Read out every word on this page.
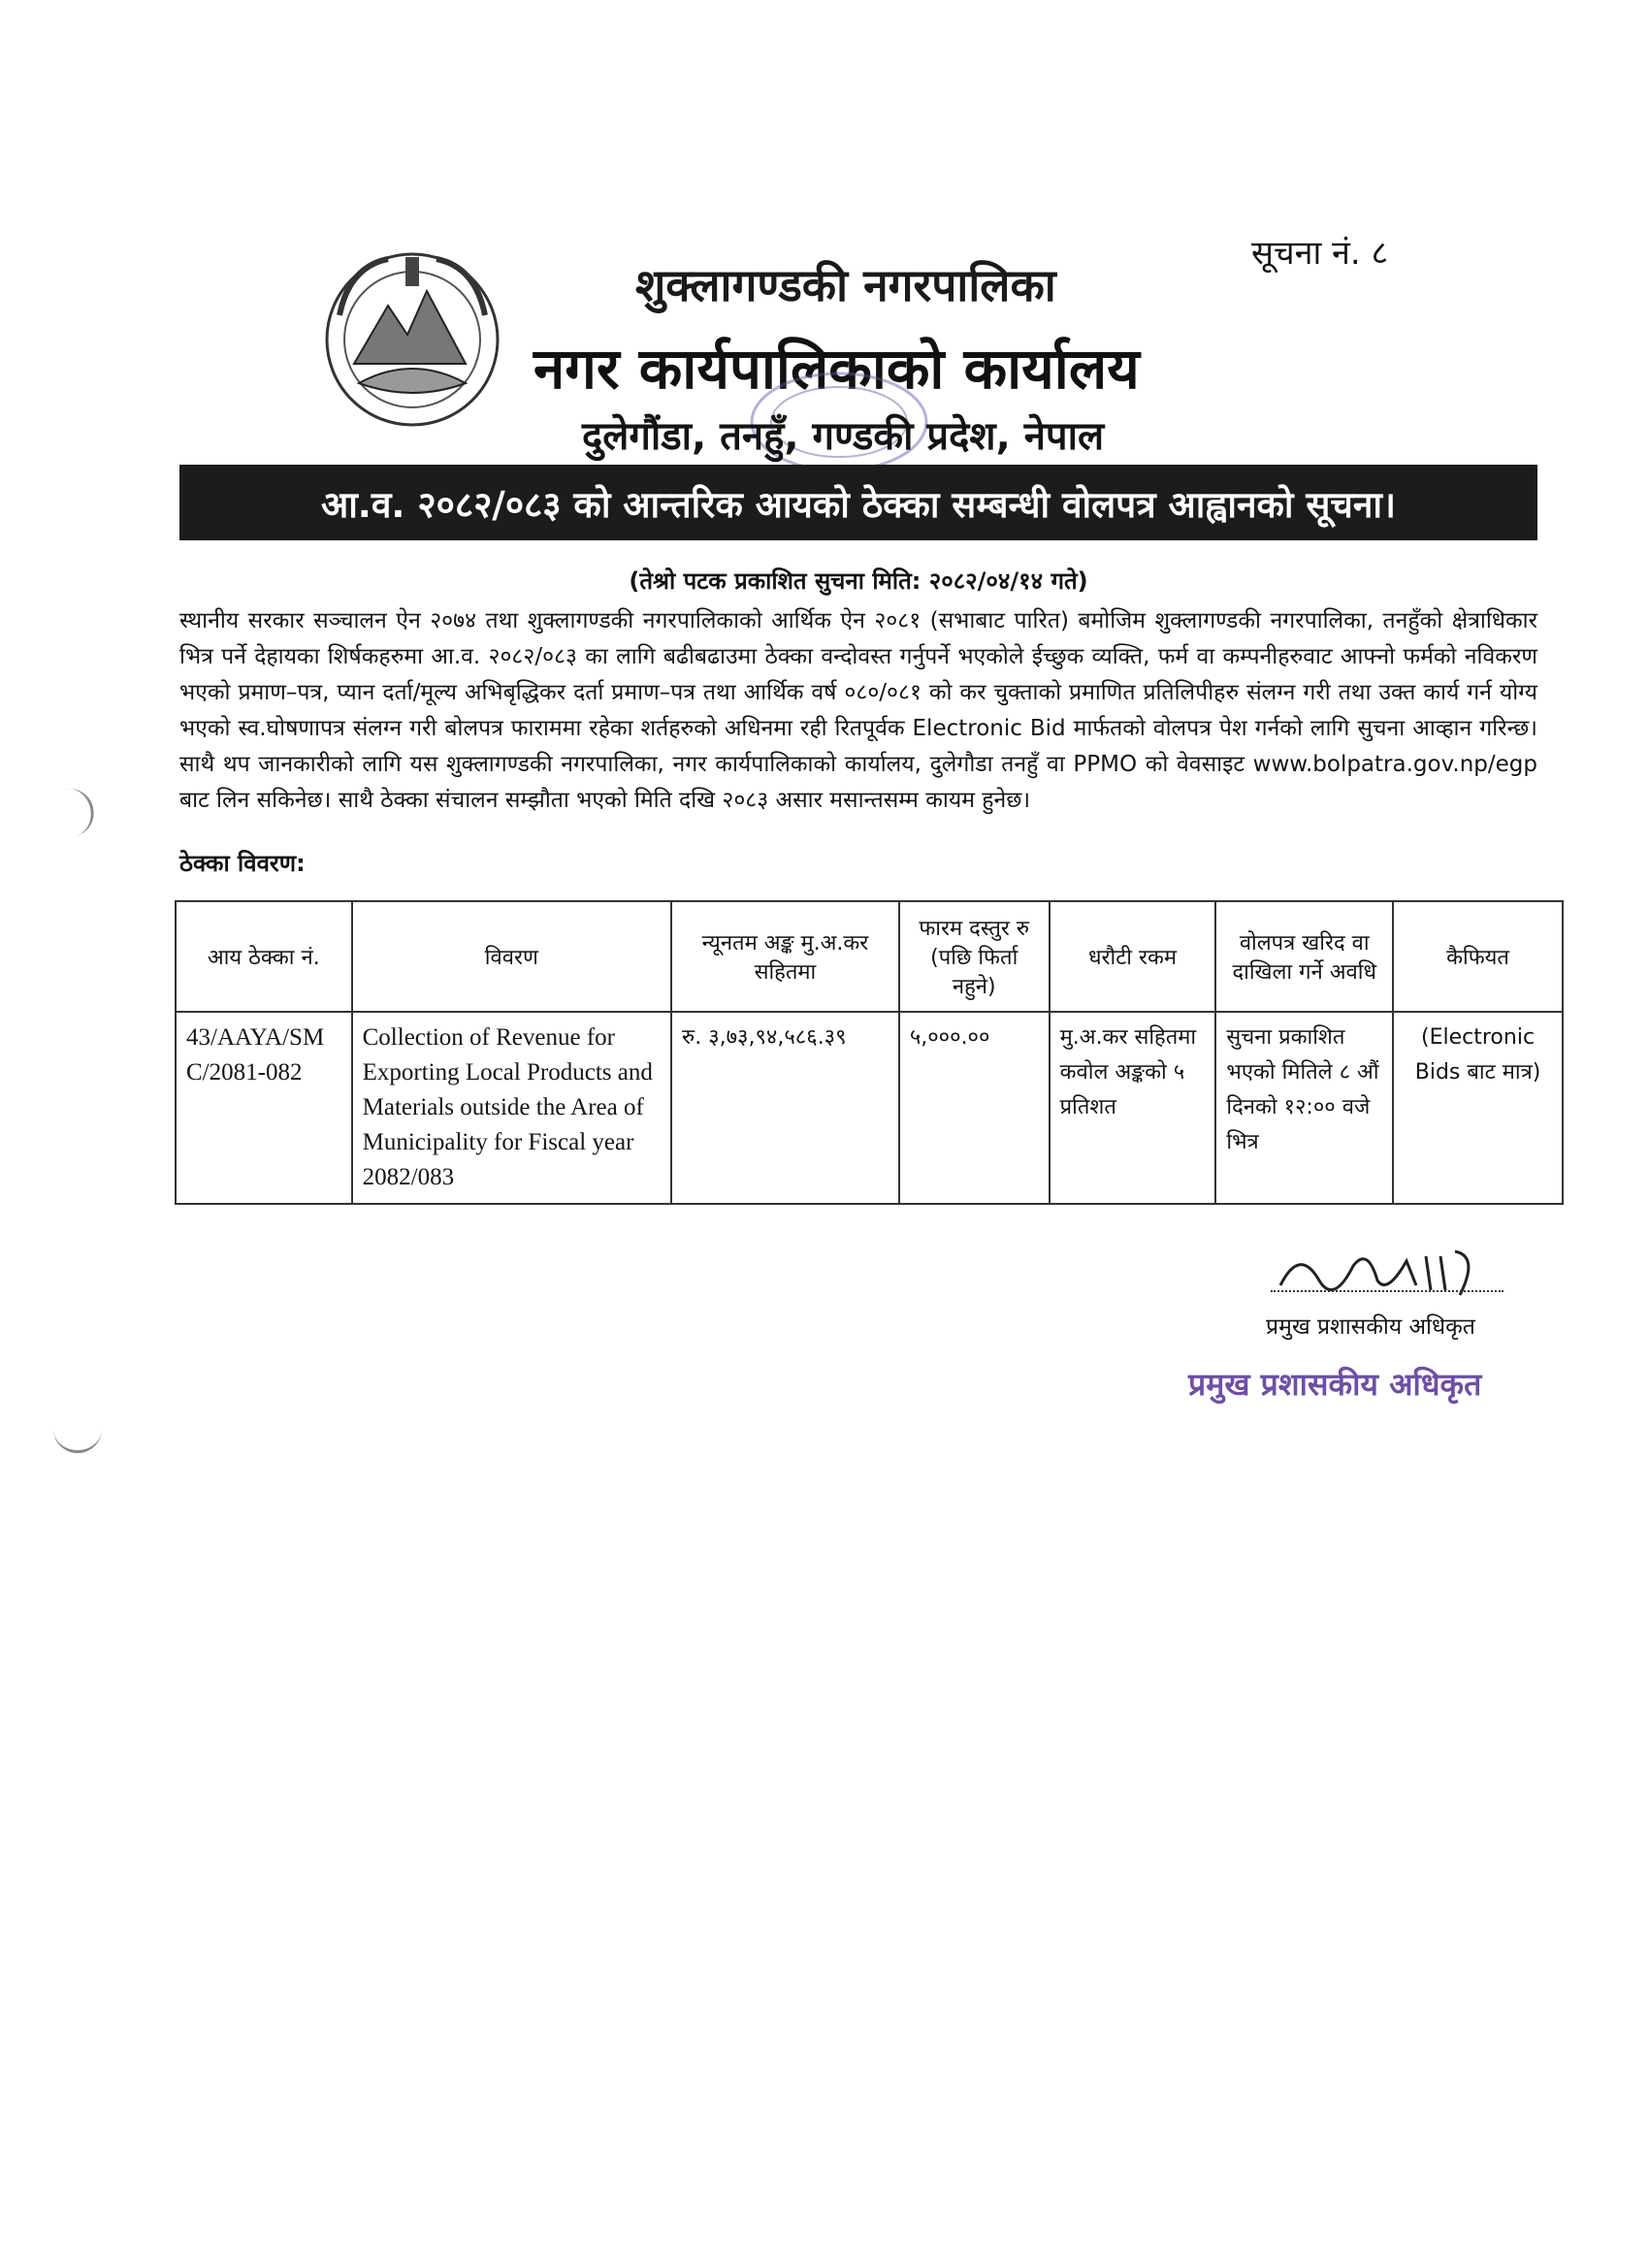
सूचना नं. ८
शुक्लागण्डकी नगरपालिका
नगर कार्यपालिकाको कार्यालय
दुलेगौंडा, तनहुँ, गण्डकी प्रदेश, नेपाल
आ.व. २०८२/०८३ को आन्तरिक आयको ठेक्का सम्बन्धी वोलपत्र आह्वानको सूचना।
(तेश्रो पटक प्रकाशित सुचना मिति: २०८२/०४/१४ गते)
स्थानीय सरकार सञ्चालन ऐन २०७४ तथा शुक्लागण्डकी नगरपालिकाको आर्थिक ऐन २०८१ (सभाबाट पारित) बमोजिम शुक्लागण्डकी नगरपालिका, तनहुँको क्षेत्राधिकार भित्र पर्ने देहायका शिर्षकहरुमा आ.व. २०८२/०८३ का लागि बढीबढाउमा ठेक्का वन्दोवस्त गर्नुपर्ने भएकोले ईच्छुक व्यक्ति, फर्म वा कम्पनीहरुवाट आफ्नो फर्मको नविकरण भएको प्रमाण–पत्र, प्यान दर्ता/मूल्य अभिबृद्धिकर दर्ता प्रमाण–पत्र तथा आर्थिक वर्ष ०८०/०८१ को कर चुक्ताको प्रमाणित प्रतिलिपीहरु संलग्न गरी तथा उक्त कार्य गर्न योग्य भएको स्व.घोषणापत्र संलग्न गरी बोलपत्र फाराममा रहेका शर्तहरुको अधिनमा रही रितपूर्वक Electronic Bid मार्फतको वोलपत्र पेश गर्नको लागि सुचना आव्हान गरिन्छ। साथै थप जानकारीको लागि यस शुक्लागण्डकी नगरपालिका, नगर कार्यपालिकाको कार्यालय, दुलेगौडा तनहुँ वा PPMO को वेवसाइट www.bolpatra.gov.np/egp बाट लिन सकिनेछ। साथै ठेक्का संचालन सम्झौता भएको मिति दखि २०८३ असार मसान्तसम्म कायम हुनेछ।
ठेक्का विवरण:
आय ठेक्का नं.	विवरण	न्यूनतम अङ्क मु.अ.कर सहितमा	फारम दस्तुर रु (पछि फिर्ता नहुने)	धरौटी रकम	वोलपत्र खरिद वा दाखिला गर्ने अवधि	कैफियत
43/AAYA/SMC/2081-082	Collection of Revenue for Exporting Local Products and Materials outside the Area of Municipality for Fiscal year 2082/083	रु. ३,७३,९४,५८६.३९	५,०००.००	मु.अ.कर सहितमा कवोल अङ्कको ५ प्रतिशत	सुचना प्रकाशित भएको मितिले ८ औं दिनको १२:०० वजे भित्र	(Electronic Bids बाट मात्र)
प्रमुख प्रशासकीय अधिकृत
प्रमुख प्रशासकीय अधिकृत
